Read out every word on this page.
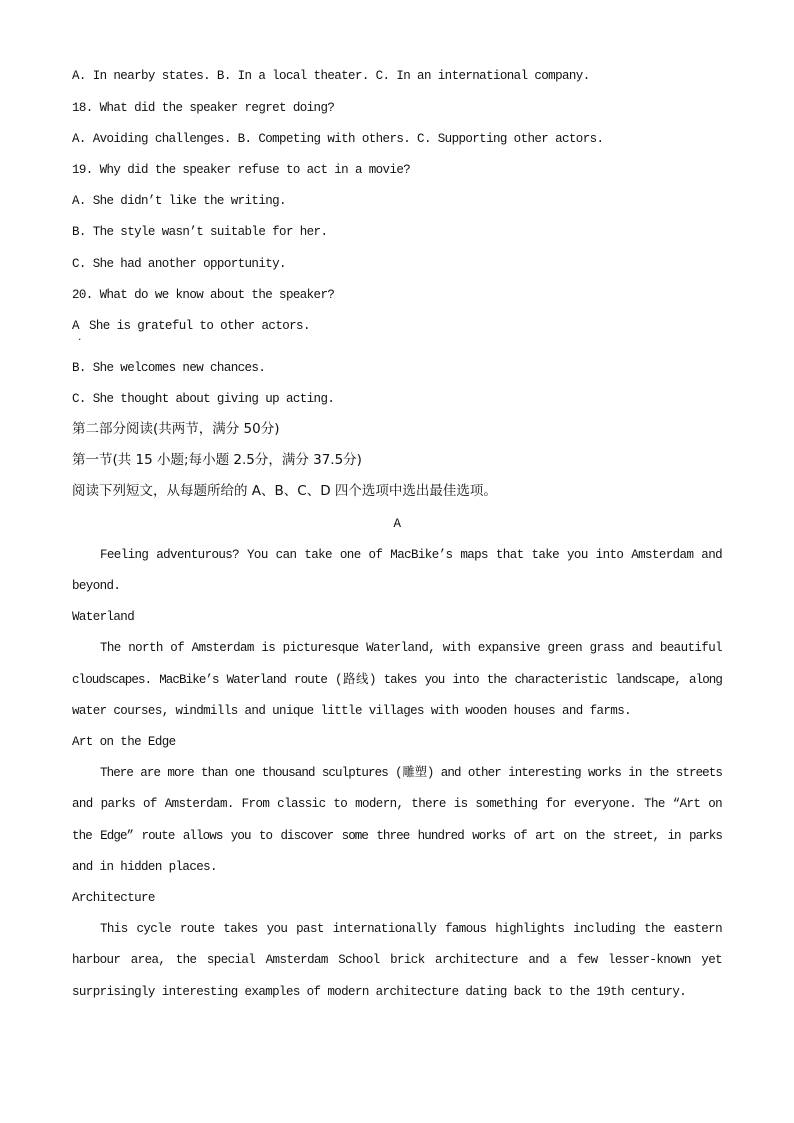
A. In nearby states. B. In a local theater. C. In an international company.
18. What did the speaker regret doing?
A. Avoiding challenges. B. Competing with others. C. Supporting other actors.
19. Why did the speaker refuse to act in a movie?
A. She didn’t like the writing.
B. The style wasn’t suitable for her.
C. She had another opportunity.
20. What do we know about the speaker?
A She is grateful to other actors.
.
B. She welcomes new chances.
C. She thought about giving up acting.
第二部分阅读(共两节，满分 50分)
第一节(共 15 小题;每小题 2.5分，满分 37.5分)
阅读下列短文，从每题所给的 A、B、C、D 四个选项中选出最佳选项。
A
Feeling adventurous? You can take one of MacBike’s maps that take you into Amsterdam and
beyond.
Waterland
The north of Amsterdam is picturesque Waterland, with expansive green grass and beautiful
cloudscapes. MacBike’s Waterland route (路线) takes you into the characteristic landscape, along
water courses, windmills and unique little villages with wooden houses and farms.
Art on the Edge
There are more than one thousand sculptures (雕塑) and other interesting works in the streets
and parks of Amsterdam. From classic to modern, there is something for everyone. The “Art on
the Edge” route allows you to discover some three hundred works of art on the street, in parks
and in hidden places.
Architecture
This cycle route takes you past internationally famous highlights including the eastern
harbour area, the special Amsterdam School brick architecture and a few lesser-known yet
surprisingly interesting examples of modern architecture dating back to the 19th century.
